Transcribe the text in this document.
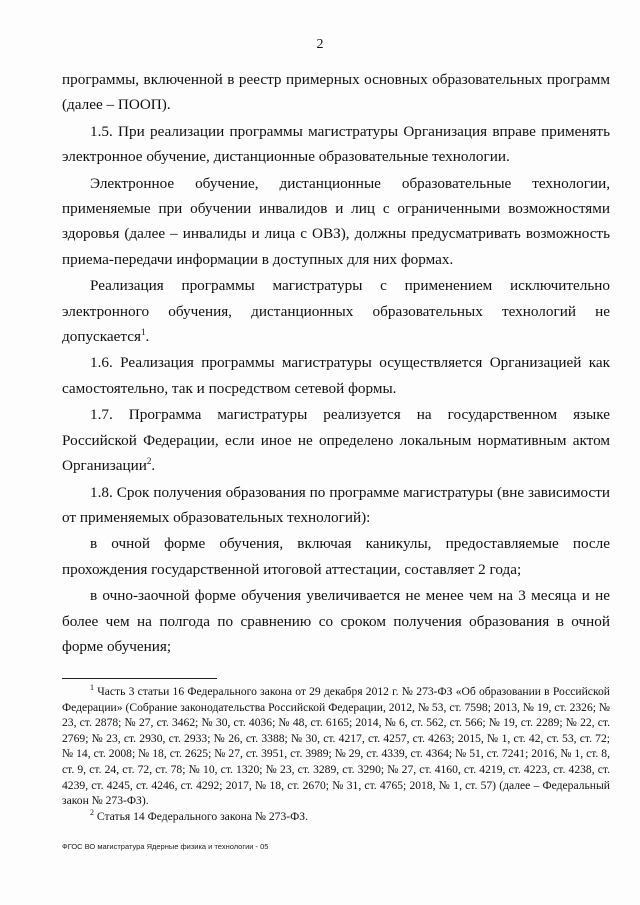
2

программы, включенной в реестр примерных основных образовательных программ (далее – ПООП).

1.5. При реализации программы магистратуры Организация вправе применять электронное обучение, дистанционные образовательные технологии.

Электронное обучение, дистанционные образовательные технологии, применяемые при обучении инвалидов и лиц с ограниченными возможностями здоровья (далее – инвалиды и лица с ОВЗ), должны предусматривать возможность приема-передачи информации в доступных для них формах.

Реализация программы магистратуры с применением исключительно электронного обучения, дистанционных образовательных технологий не допускается$^1$.

1.6. Реализация программы магистратуры осуществляется Организацией как самостоятельно, так и посредством сетевой формы.

1.7. Программа магистратуры реализуется на государственном языке Российской Федерации, если иное не определено локальным нормативным актом Организации$^2$.

1.8. Срок получения образования по программе магистратуры (вне зависимости от применяемых образовательных технологий):

в очной форме обучения, включая каникулы, предоставляемые после прохождения государственной итоговой аттестации, составляет 2 года;

в очно-заочной форме обучения увеличивается не менее чем на 3 месяца и не более чем на полгода по сравнению со сроком получения образования в очной форме обучения;

$^1$ Часть 3 статьи 16 Федерального закона от 29 декабря 2012 г. № 273-ФЗ «Об образовании в Российской Федерации» (Собрание законодательства Российской Федерации, 2012, № 53, ст. 7598; 2013, № 19, ст. 2326; № 23, ст. 2878; № 27, ст. 3462; № 30, ст. 4036; № 48, ст. 6165; 2014, № 6, ст. 562, ст. 566; № 19, ст. 2289; № 22, ст. 2769; № 23, ст. 2930, ст. 2933; № 26, ст. 3388; № 30, ст. 4217, ст. 4257, ст. 4263; 2015, № 1, ст. 42, ст. 53, ст. 72; № 14, ст. 2008; № 18, ст. 2625; № 27, ст. 3951, ст. 3989; № 29, ст. 4339, ст. 4364; № 51, ст. 7241; 2016, № 1, ст. 8, ст. 9, ст. 24, ст. 72, ст. 78; № 10, ст. 1320; № 23, ст. 3289, ст. 3290; № 27, ст. 4160, ст. 4219, ст. 4223, ст. 4238, ст. 4239, ст. 4245, ст. 4246, ст. 4292; 2017, № 18, ст. 2670; № 31, ст. 4765; 2018, № 1, ст. 57) (далее – Федеральный закон № 273-ФЗ).

$^2$ Статья 14 Федерального закона № 273-ФЗ.

ФГОС ВО магистратура Ядерные физика и технологии - 05
